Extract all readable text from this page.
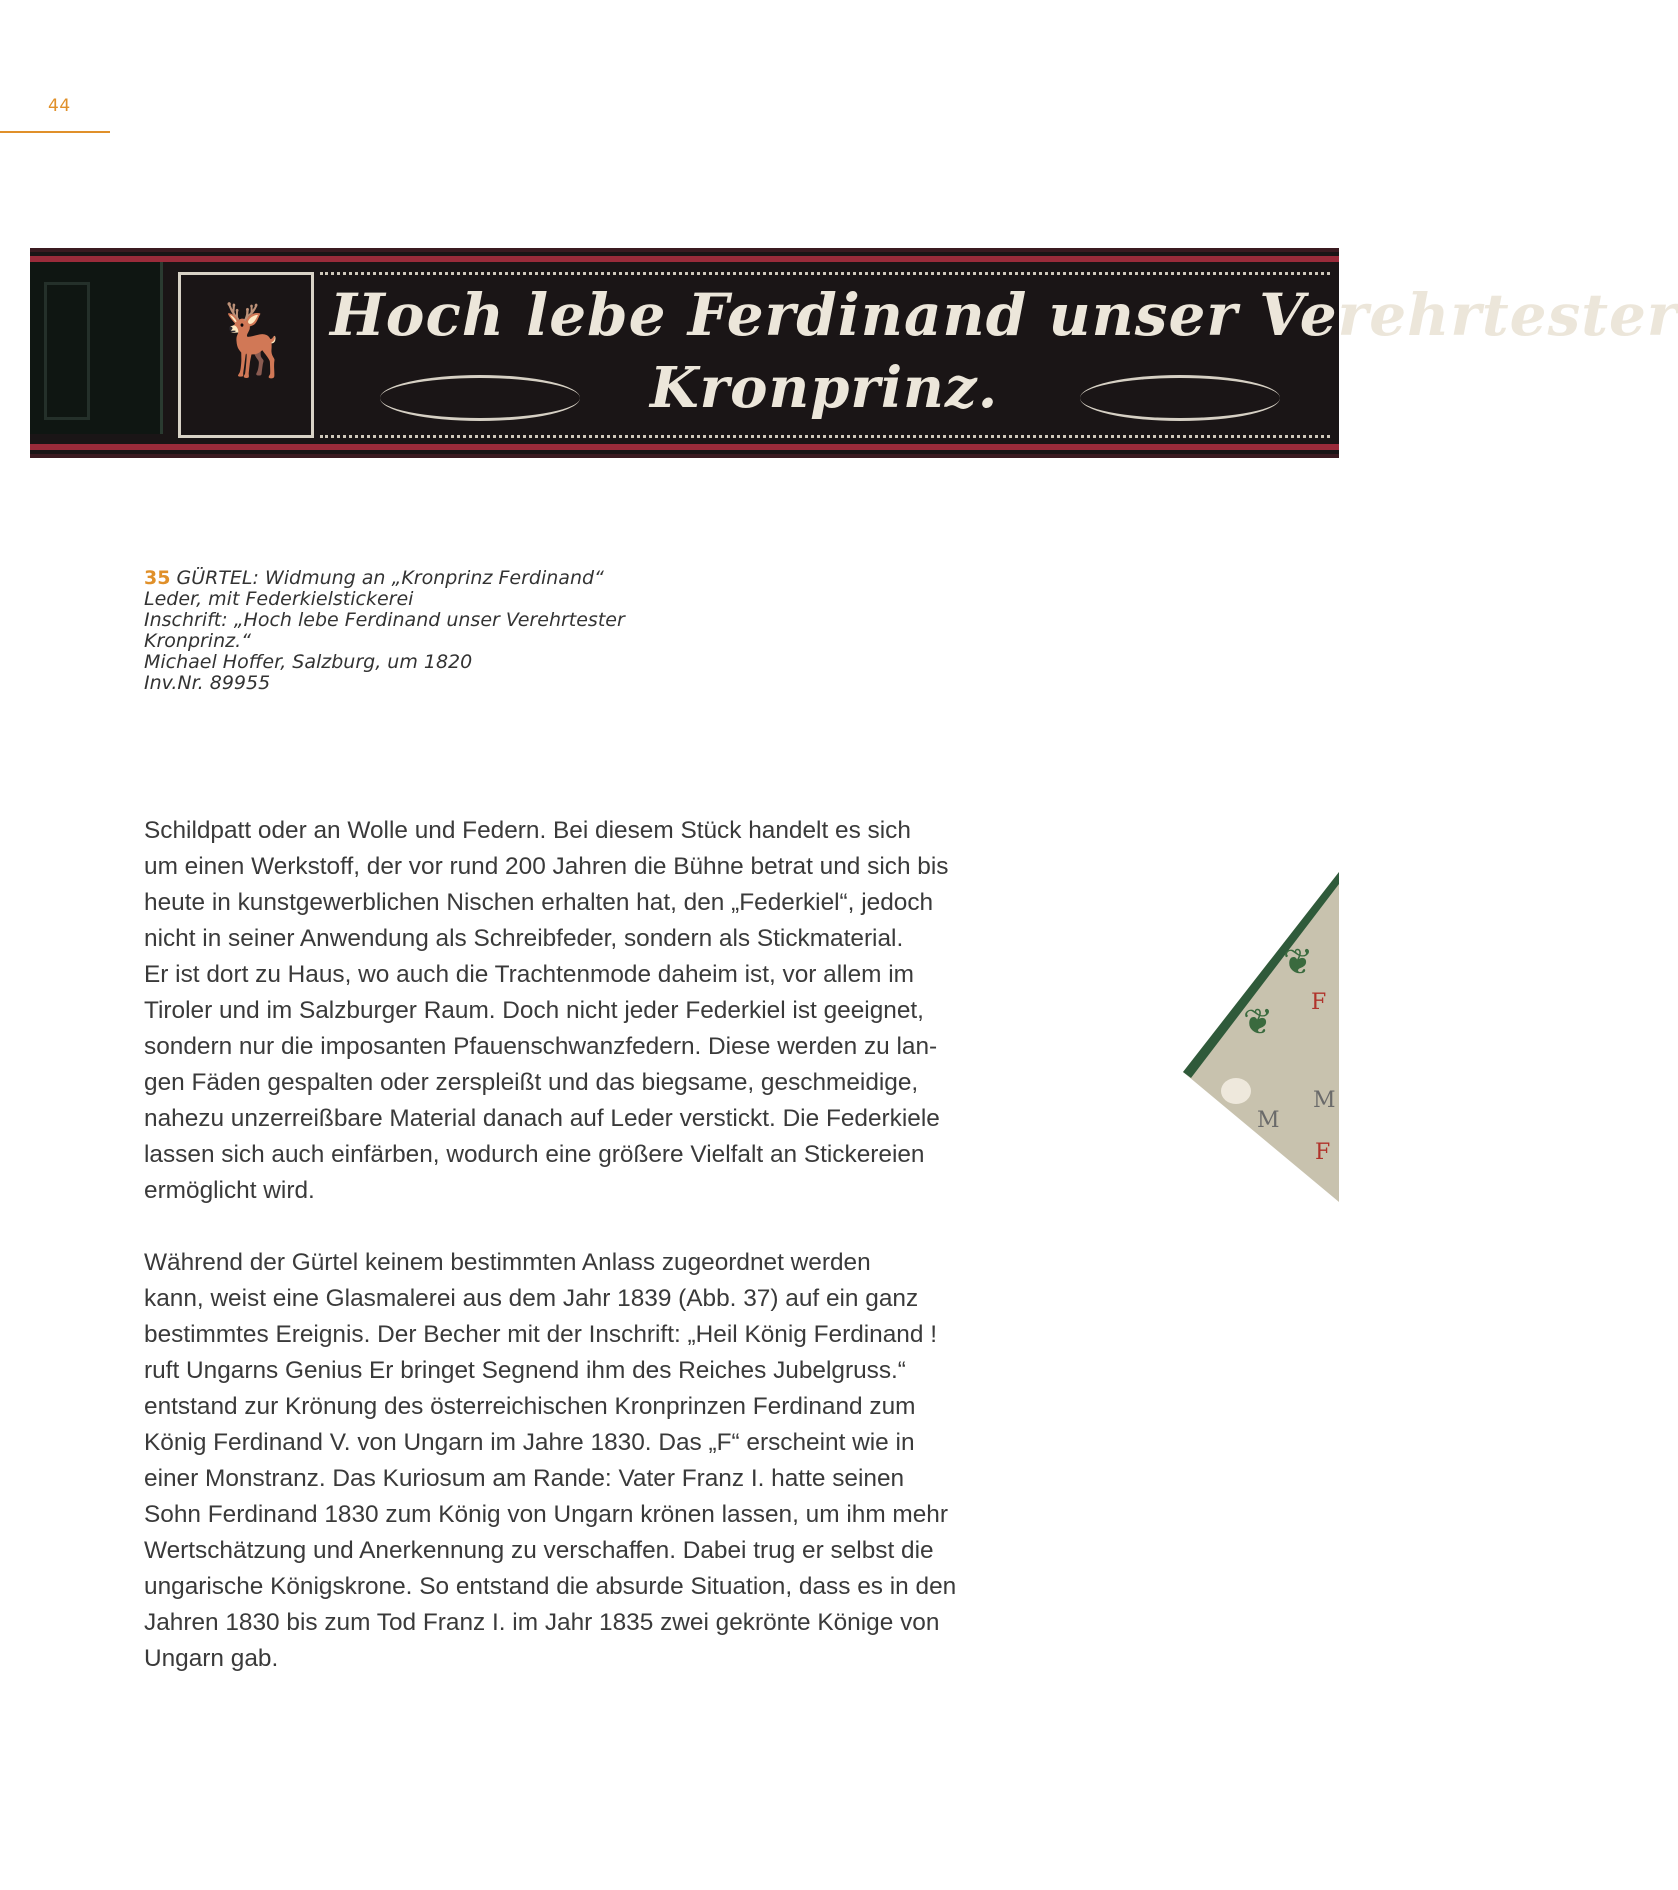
44
🦌 Hoch lebe Ferdinand unser Verehrtester
Kronprinz.
35 GÜRTEL: Widmung an „Kronprinz Ferdinand“
Leder, mit Federkielstickerei
Inschrift: „Hoch lebe Ferdinand unser Verehrtester
Kronprinz.“
Michael Hoffer, Salzburg, um 1820
Inv.Nr. 89955

Schildpatt oder an Wolle und Federn. Bei diesem Stück handelt es sich
um einen Werkstoff, der vor rund 200 Jahren die Bühne betrat und sich bis
heute in kunstgewerblichen Nischen erhalten hat, den „Federkiel“, jedoch
nicht in seiner Anwendung als Schreibfeder, sondern als Stickmaterial.
Er ist dort zu Haus, wo auch die Trachtenmode daheim ist, vor allem im
Tiroler und im Salzburger Raum. Doch nicht jeder Federkiel ist geeignet,
sondern nur die imposanten Pfauenschwanzfedern. Diese werden zu lan-
gen Fäden gespalten oder zerspleißt und das biegsame, geschmeidige,
nahezu unzerreißbare Material danach auf Leder verstickt. Die Federkiele
lassen sich auch einfärben, wodurch eine größere Vielfalt an Stickereien
ermöglicht wird.

Während der Gürtel keinem bestimmten Anlass zugeordnet werden
kann, weist eine Glasmalerei aus dem Jahr 1839 (Abb. 37) auf ein ganz
bestimmtes Ereignis. Der Becher mit der Inschrift: „Heil König Ferdinand !
ruft Ungarns Genius Er bringet Segnend ihm des Reiches Jubelgruss.“
entstand zur Krönung des österreichischen Kronprinzen Ferdinand zum
König Ferdinand V. von Ungarn im Jahre 1830. Das „F“ erscheint wie in
einer Monstranz. Das Kuriosum am Rande: Vater Franz I. hatte seinen
Sohn Ferdinand 1830 zum König von Ungarn krönen lassen, um ihm mehr
Wertschätzung und Anerkennung zu verschaffen. Dabei trug er selbst die
ungarische Königskrone. So entstand die absurde Situation, dass es in den
Jahren 1830 bis zum Tod Franz I. im Jahr 1835 zwei gekrönte Könige von
Ungarn gab.

❦
❦ F
M
M
F
